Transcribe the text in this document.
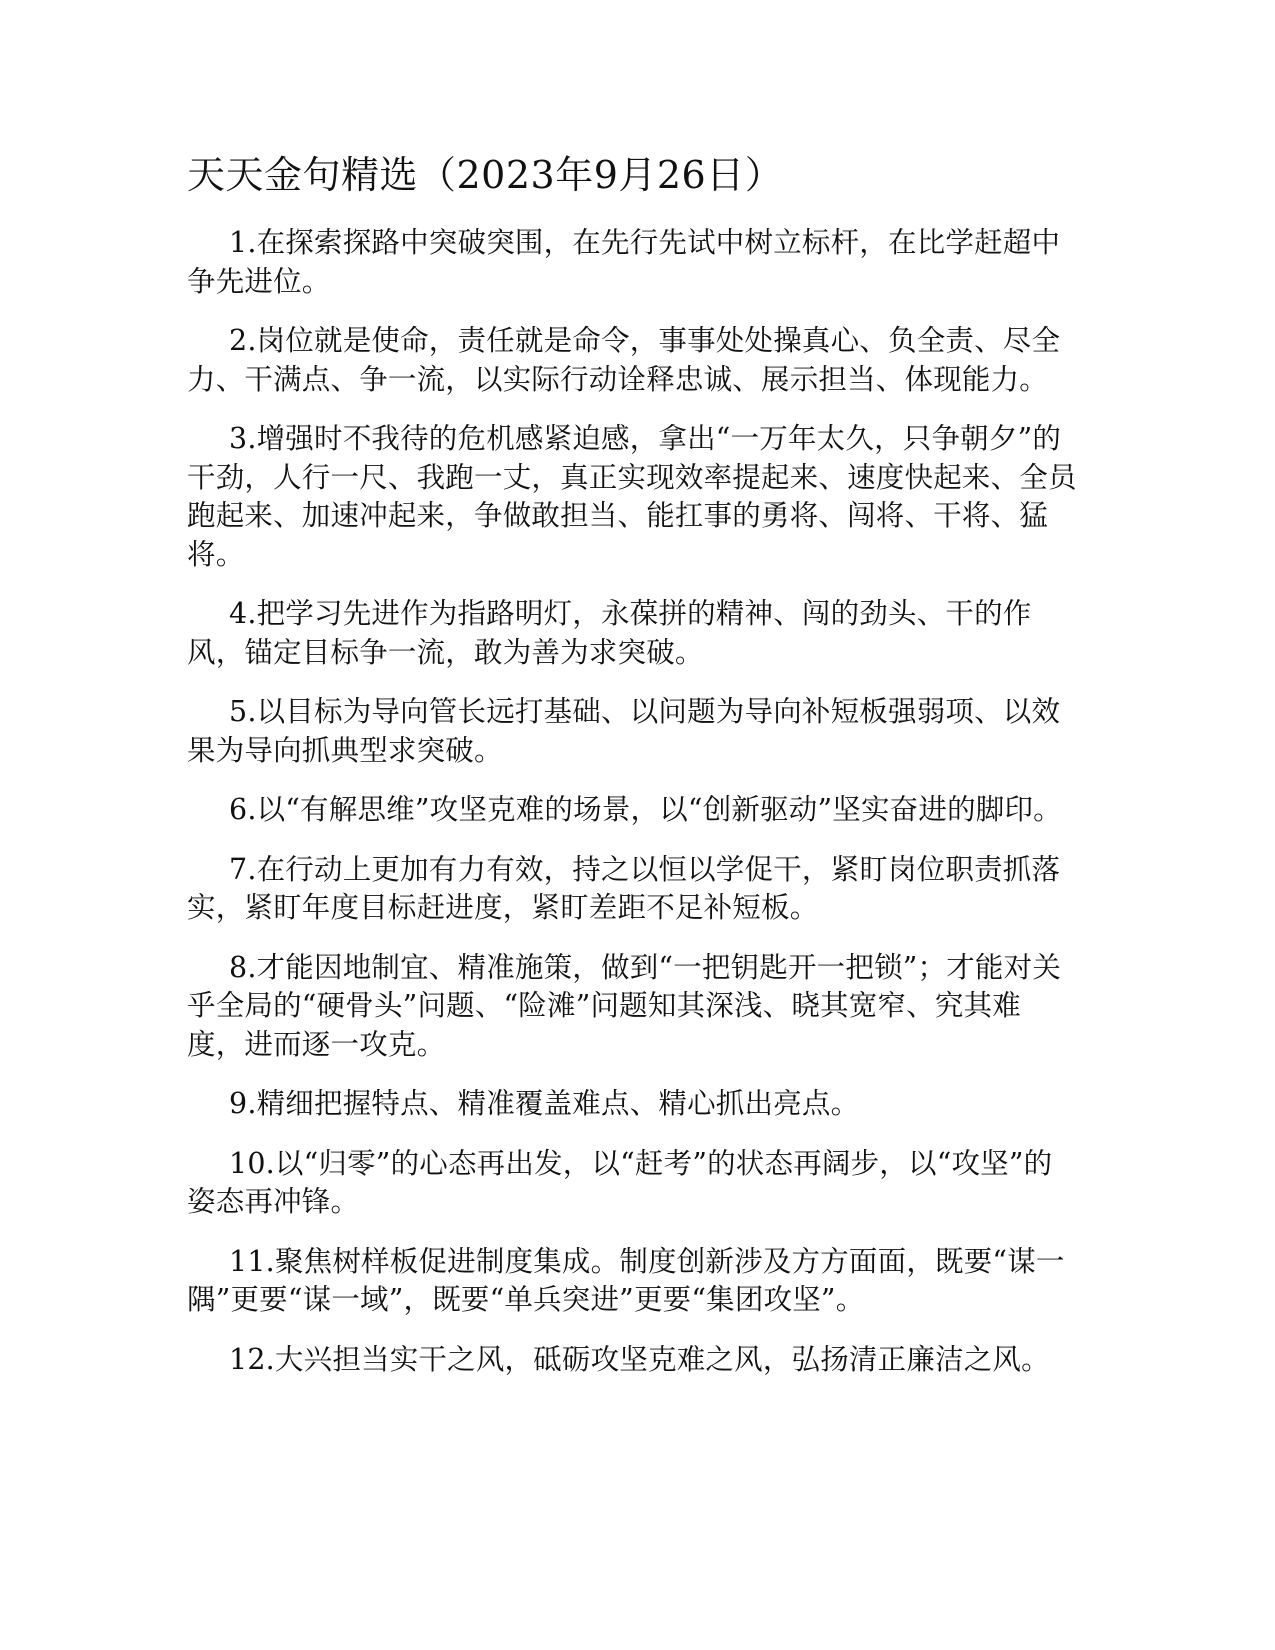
天天金句精选（2023年9月26日）

1.在探索探路中突破突围，在先行先试中树立标杆，在比学赶超中争先进位。

2.岗位就是使命，责任就是命令，事事处处操真心、负全责、尽全力、干满点、争一流，以实际行动诠释忠诚、展示担当、体现能力。

3.增强时不我待的危机感紧迫感，拿出“一万年太久，只争朝夕”的干劲，人行一尺、我跑一丈，真正实现效率提起来、速度快起来、全员跑起来、加速冲起来，争做敢担当、能扛事的勇将、闯将、干将、猛将。

4.把学习先进作为指路明灯，永葆拼的精神、闯的劲头、干的作风，锚定目标争一流，敢为善为求突破。

5.以目标为导向管长远打基础、以问题为导向补短板强弱项、以效果为导向抓典型求突破。

6.以“有解思维”攻坚克难的场景，以“创新驱动”坚实奋进的脚印。

7.在行动上更加有力有效，持之以恒以学促干，紧盯岗位职责抓落实，紧盯年度目标赶进度，紧盯差距不足补短板。

8.才能因地制宜、精准施策，做到“一把钥匙开一把锁”；才能对关乎全局的“硬骨头”问题、“险滩”问题知其深浅、晓其宽窄、究其难度，进而逐一攻克。

9.精细把握特点、精准覆盖难点、精心抓出亮点。

10.以“归零”的心态再出发，以“赶考”的状态再阔步，以“攻坚”的姿态再冲锋。

11.聚焦树样板促进制度集成。制度创新涉及方方面面，既要“谋一隅”更要“谋一域”，既要“单兵突进”更要“集团攻坚”。

12.大兴担当实干之风，砥砺攻坚克难之风，弘扬清正廉洁之风。
